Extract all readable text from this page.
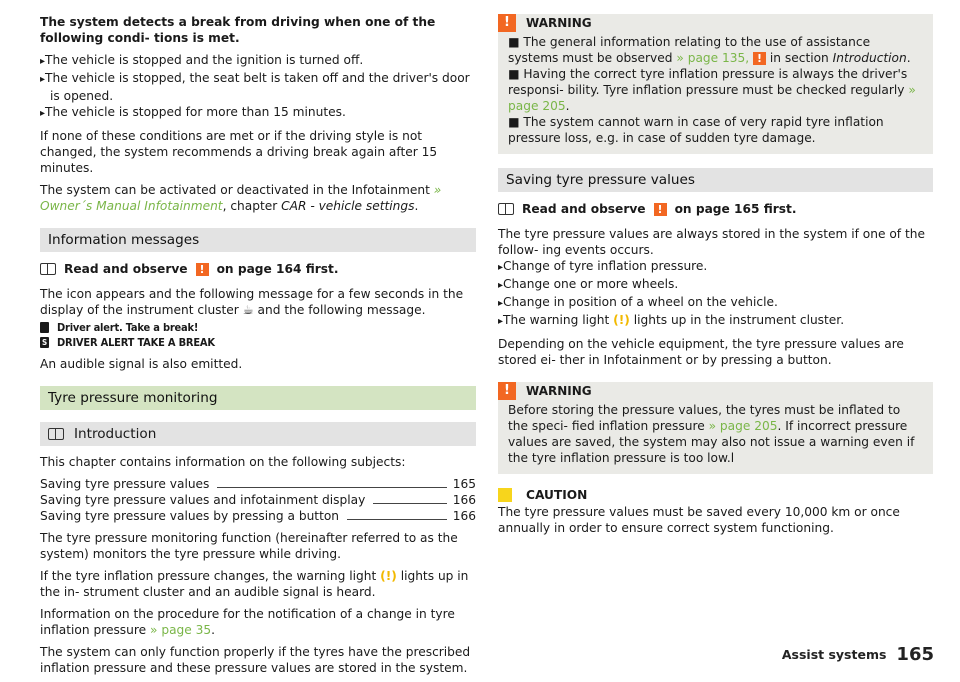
The system detects a break from driving when one of the following condi- tions is met.

▸ The vehicle is stopped and the ignition is turned off.

▸ The vehicle is stopped, the seat belt is taken off and the driver's door is opened.

▸ The vehicle is stopped for more than 15 minutes.

If none of these conditions are met or if the driving style is not changed, the system recommends a driving break again after 15 minutes.

The system can be activated or deactivated in the Infotainment » Owner´s Manual Infotainment, chapter CAR - vehicle settings.

Information messages
Read and observe	! on page 164 first.

The icon appears and the following message for a few seconds in the display of the instrument cluster ☕ and the following message.

Driver alert. Take a break!

S DRIVER ALERT TAKE A BREAK

An audible signal is also emitted.

Tyre pressure monitoring
Introduction

This chapter contains information on the following subjects:

Saving tyre pressure values	165
Saving tyre pressure values and infotainment display	166
Saving tyre pressure values by pressing a button	166

The tyre pressure monitoring function (hereinafter referred to as the system) monitors the tyre pressure while driving.

If the tyre inflation pressure changes, the warning light (!) lights up in the in- strument cluster and an audible signal is heard.

Information on the procedure for the notification of a change in tyre inflation pressure » page 35.

The system can only function properly if the tyres have the prescribed inflation pressure and these pressure values are stored in the system.

!	WARNING

■ The general information relating to the use of assistance systems must be observed » page 135, ! in section Introduction.

■ Having the correct tyre inflation pressure is always the driver's responsi- bility. Tyre inflation pressure must be checked regularly » page 205.

■ The system cannot warn in case of very rapid tyre inflation pressure loss, e.g. in case of sudden tyre damage.

Saving tyre pressure values
Read and observe	! on page 165 first.

The tyre pressure values are always stored in the system if one of the follow- ing events occurs.

▸ Change of tyre inflation pressure.

▸ Change one or more wheels.

▸ Change in position of a wheel on the vehicle.

▸ The warning light (!) lights up in the instrument cluster.

Depending on the vehicle equipment, the tyre pressure values are stored ei- ther in Infotainment or by pressing a button.

!	WARNING

Before storing the pressure values, the tyres must be inflated to the speci- fied inflation pressure » page 205. If incorrect pressure values are saved, the system may also not issue a warning even if the tyre inflation pressure is too low.l

CAUTION

The tyre pressure values must be saved every 10,000 km or once annually in order to ensure correct system functioning.

Assist systems 165
